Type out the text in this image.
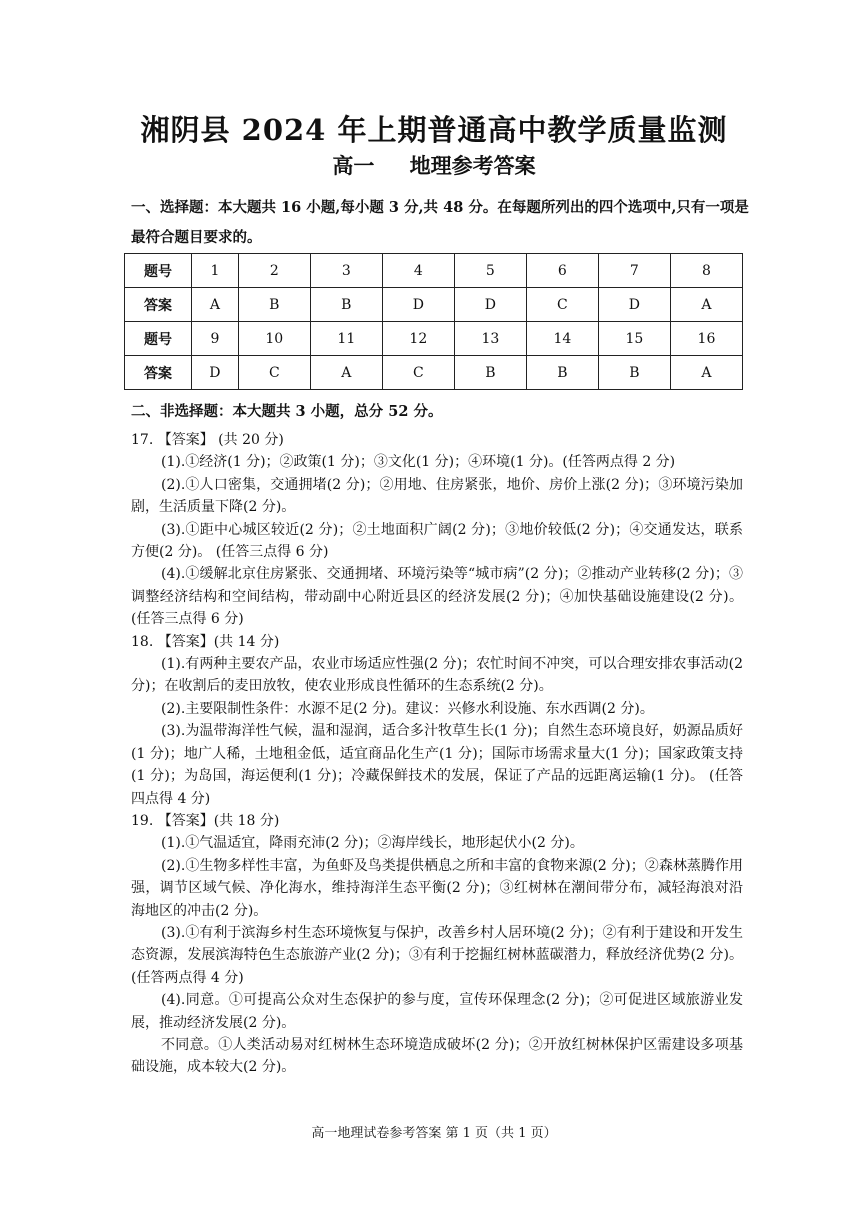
湘阴县 2024 年上期普通高中教学质量监测
高一 地理参考答案
一、选择题：本大题共 16 小题,每小题 3 分,共 48 分。在每题所列出的四个选项中,只有一项是最符合题目要求的。
题号	1	2	3	4	5	6	7	8
答案	A	B	B	D	D	C	D	A
题号	9	10	11	12	13	14	15	16
答案	D	C	A	C	B	B	B	A
二、非选择题：本大题共 3 小题，总分 52 分。

17. 【答案】 (共 20 分)

(1).①经济(1 分)；②政策(1 分)；③文化(1 分)；④环境(1 分)。(任答两点得 2 分)

(2).①人口密集，交通拥堵(2 分)；②用地、住房紧张，地价、房价上涨(2 分)；③环境污染加剧，生活质量下降(2 分)。

(3).①距中心城区较近(2 分)；②土地面积广阔(2 分)；③地价较低(2 分)；④交通发达，联系方便(2 分)。 (任答三点得 6 分)

(4).①缓解北京住房紧张、交通拥堵、环境污染等“城市病”(2 分)；②推动产业转移(2 分)；③调整经济结构和空间结构，带动副中心附近县区的经济发展(2 分)；④加快基础设施建设(2 分)。 (任答三点得 6 分)

18. 【答案】(共 14 分)

(1).有两种主要农产品，农业市场适应性强(2 分)；农忙时间不冲突，可以合理安排农事活动(2 分)；在收割后的麦田放牧，使农业形成良性循环的生态系统(2 分)。

(2).主要限制性条件：水源不足(2 分)。建议：兴修水利设施、东水西调(2 分)。

(3).为温带海洋性气候，温和湿润，适合多汁牧草生长(1 分)；自然生态环境良好，奶源品质好(1 分)；地广人稀，土地租金低，适宜商品化生产(1 分)；国际市场需求量大(1 分)；国家政策支持(1 分)；为岛国，海运便利(1 分)；冷藏保鲜技术的发展，保证了产品的远距离运输(1 分)。 (任答四点得 4 分)

19. 【答案】(共 18 分)

(1).①气温适宜，降雨充沛(2 分)；②海岸线长，地形起伏小(2 分)。

(2).①生物多样性丰富，为鱼虾及鸟类提供栖息之所和丰富的食物来源(2 分)；②森林蒸腾作用强，调节区域气候、净化海水，维持海洋生态平衡(2 分)；③红树林在潮间带分布，减轻海浪对沿海地区的冲击(2 分)。

(3).①有利于滨海乡村生态环境恢复与保护，改善乡村人居环境(2 分)；②有利于建设和开发生态资源，发展滨海特色生态旅游产业(2 分)；③有利于挖掘红树林蓝碳潜力，释放经济优势(2 分)。(任答两点得 4 分)

(4).同意。①可提高公众对生态保护的参与度，宣传环保理念(2 分)；②可促进区域旅游业发展，推动经济发展(2 分)。

不同意。①人类活动易对红树林生态环境造成破坏(2 分)；②开放红树林保护区需建设多项基础设施，成本较大(2 分)。

高一地理试卷参考答案 第 1 页（共 1 页）
